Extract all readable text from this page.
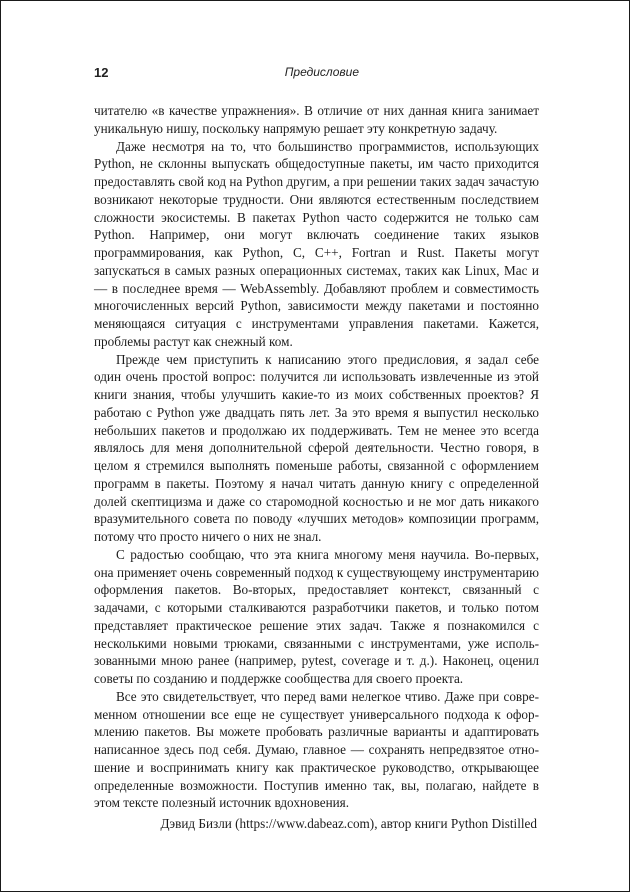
12	Предисловие

читателю «в качестве упражнения». В отличие от них данная книга занимает уникальную нишу, поскольку напрямую решает эту конкретную задачу.

Даже несмотря на то, что большинство программистов, использующих Python, не склонны выпускать общедоступные пакеты, им часто приходится предоставлять свой код на Python другим, а при решении таких задач зачастую возникают некоторые трудности. Они являются естественным последствием сложности экосистемы. В пакетах Python часто содержится не только сам Python. Например, они могут включать соединение таких языков программирования, как Python, C, C++, Fortran и Rust. Пакеты могут запускаться в самых разных операционных системах, таких как Linux, Mac и — в последнее время — WebAssembly. Добавляют проблем и совместимость многочисленных версий Python, зависимости между пакетами и постоянно меняющаяся ситуация с инструментами управления пакетами. Кажется, проблемы растут как снежный ком.

Прежде чем приступить к написанию этого предисловия, я задал себе один очень простой вопрос: получится ли использовать извлеченные из этой книги знания, чтобы улучшить какие-то из моих собственных проектов? Я работаю с Python уже двадцать пять лет. За это время я выпустил несколько небольших пакетов и продолжаю их поддерживать. Тем не менее это всегда являлось для меня дополнительной сферой деятельности. Честно говоря, в целом я стремился выполнять поменьше работы, связанной с оформлением программ в пакеты. Поэтому я начал читать данную книгу с определенной долей скептицизма и даже со старомодной косностью и не мог дать никакого вразумительного совета по поводу «лучших методов» композиции программ, потому что просто ничего о них не знал.

С радостью сообщаю, что эта книга многому меня научила. Во-первых, она применяет очень современный подход к существующему инструментарию оформления пакетов. Во-вторых, предоставляет контекст, связанный с задачами, с которыми сталкиваются разработчики пакетов, и только потом представляет практическое решение этих задач. Также я познакомился с несколькими новыми трюками, связанными с инструментами, уже использованными мною ранее (например, pytest, coverage и т. д.). Наконец, оценил советы по созданию и поддержке сообщества для своего проекта.

Все это свидетельствует, что перед вами нелегкое чтиво. Даже при современном отношении все еще не существует универсального подхода к оформлению пакетов. Вы можете пробовать различные варианты и адаптировать написанное здесь под себя. Думаю, главное — сохранять непредвзятое отношение и воспринимать книгу как практическое руководство, открывающее определенные возможности. Поступив именно так, вы, полагаю, найдете в этом тексте полезный источник вдохновения.

Дэвид Бизли (https://www.dabeaz.com), автор книги Python Distilled
